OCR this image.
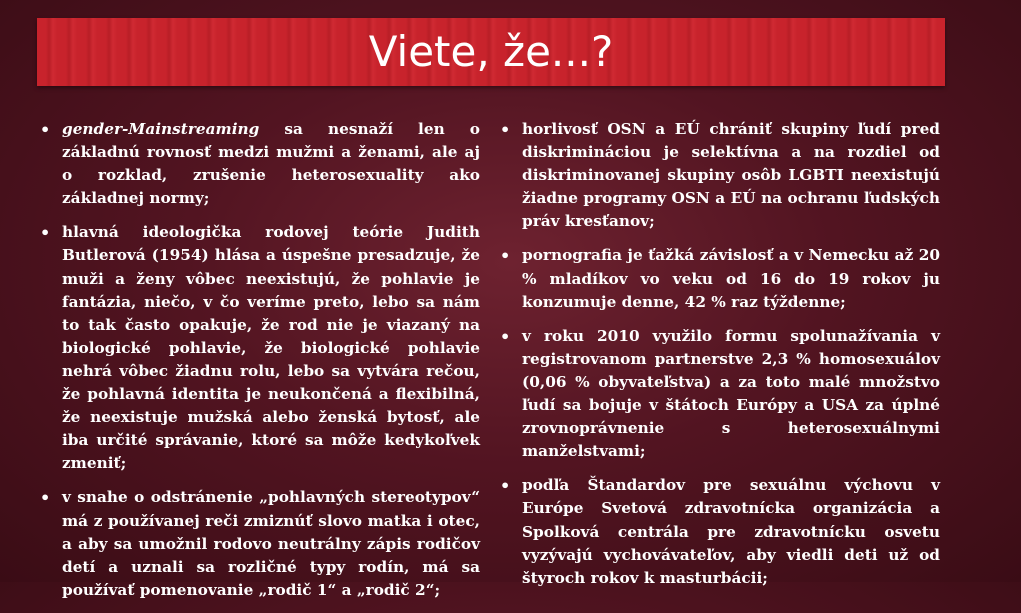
Viete, že...?
• gender-Mainstreaming sa nesnaží len o základnú rovnosť medzi mužmi a ženami, ale aj o rozklad, zrušenie heterosexuality ako základnej normy;
• hlavná ideologička rodovej teórie Judith Butlerová (1954) hlása a úspešne presadzuje, že muži a ženy vôbec neexistujú, že pohlavie je fantázia, niečo, v čo veríme preto, lebo sa nám to tak často opakuje, že rod nie je viazaný na biologické pohlavie, že biologické pohlavie nehrá vôbec žiadnu rolu, lebo sa vytvára rečou, že pohlavná identita je neukončená a flexibilná, že neexistuje mužská alebo ženská bytosť, ale iba určité správanie, ktoré sa môže kedykoľvek zmeniť;
• v snahe o odstránenie „pohlavných stereotypov“ má z používanej reči zmiznúť slovo matka i otec, a aby sa umožnil rodovo neutrálny zápis rodičov detí a uznali sa rozličné typy rodín, má sa používať pomenovanie „rodič 1“ a „rodič 2“;
• horlivosť OSN a EÚ chrániť skupiny ľudí pred diskrimináciou je selektívna a na rozdiel od diskriminovanej skupiny osôb LGBTI neexistujú žiadne programy OSN a EÚ na ochranu ľudských práv kresťanov;
• pornografia je ťažká závislosť a v Nemecku až 20 % mladíkov vo veku od 16 do 19 rokov ju konzumuje denne, 42 % raz týždenne;
• v roku 2010 využilo formu spolunažívania v registrovanom partnerstve 2,3 % homosexuálov (0,06 % obyvateľstva) a za toto malé množstvo ľudí sa bojuje v štátoch Európy a USA za úplné zrovnoprávnenie s heterosexuálnymi manželstvami;
• podľa Štandardov pre sexuálnu výchovu v Európe Svetová zdravotnícka organizácia a Spolková centrála pre zdravotnícku osvetu vyzývajú vychovávateľov, aby viedli deti už od štyroch rokov k masturbácii;
